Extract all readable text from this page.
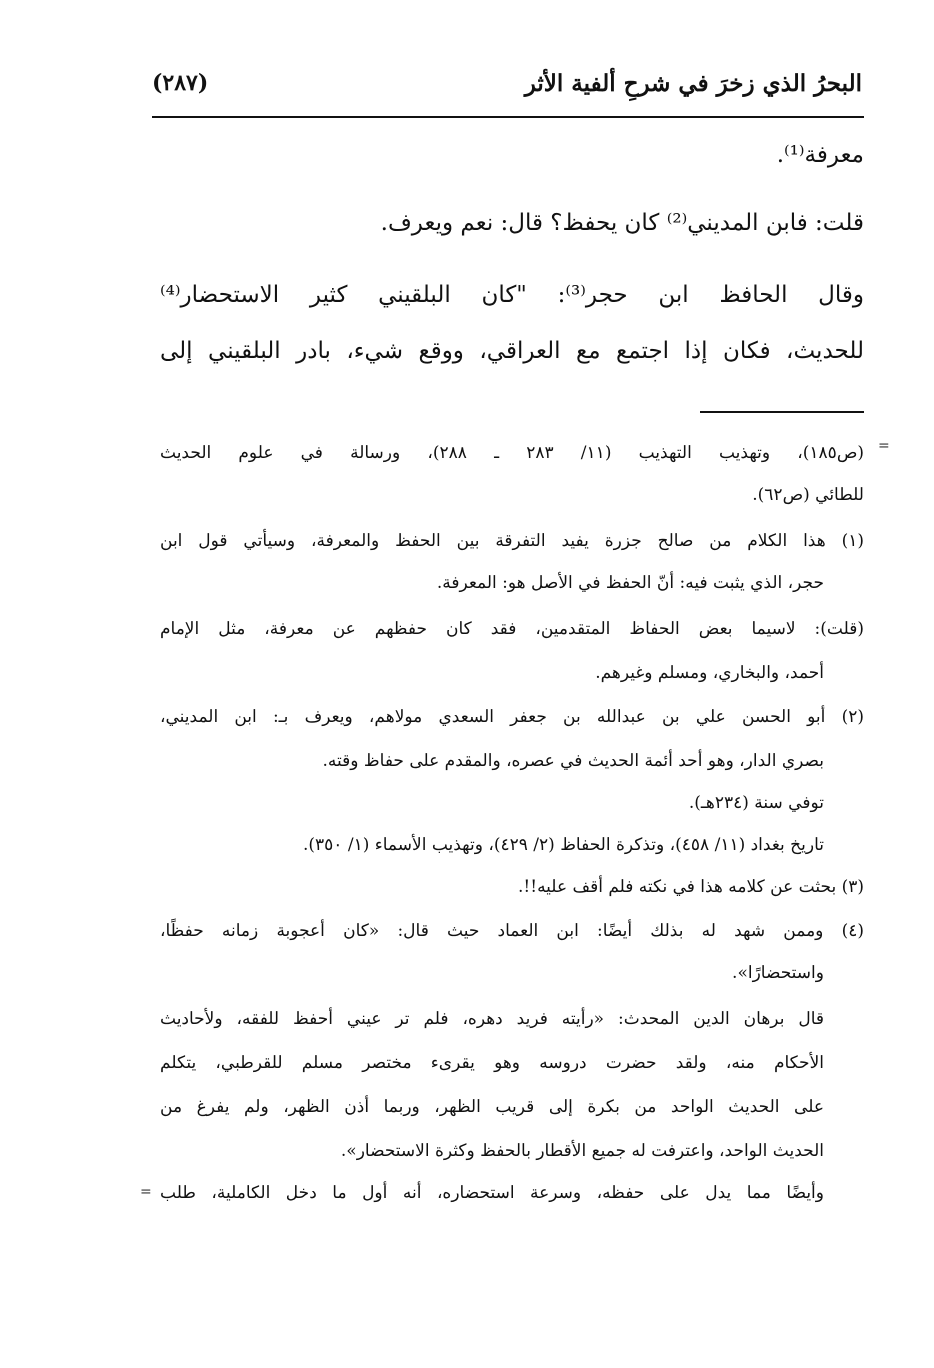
البحرُ الذي زخرَ في شرحِ ألفية الأثر
(٢٨٧)
معرفة⁽¹⁾.
قلت: فابن المديني⁽²⁾ كان يحفظ؟ قال: نعم ويعرف.
وقال الحافظ ابن حجر⁽³⁾: "كان البلقيني كثير الاستحضار⁽⁴⁾
للحديث، فكان إذا اجتمع مع العراقي، ووقع شيء، بادر البلقيني إلى
=
(ص١٨٥)، وتهذيب التهذيب (١١/ ٢٨٣ ـ ٢٨٨)، ورسالة في علوم الحديث
للطائي (ص٦٢).
(١) هذا الكلام من صالح جزرة يفيد التفرقة بين الحفظ والمعرفة، وسيأتي قول ابن
حجر، الذي يثبت فيه: أنّ الحفظ في الأصل هو: المعرفة.
(قلت): لاسيما بعض الحفاظ المتقدمين، فقد كان حفظهم عن معرفة، مثل الإمام
أحمد، والبخاري، ومسلم وغيرهم.
(٢) أبو الحسن علي بن عبدالله بن جعفر السعدي مولاهم، ويعرف بـ: ابن المديني،
بصري الدار، وهو أحد أئمة الحديث في عصره، والمقدم على حفاظ وقته.
توفي سنة (٢٣٤هـ).
تاريخ بغداد (١١/ ٤٥٨)، وتذكرة الحفاظ (٢/ ٤٢٩)، وتهذيب الأسماء (١/ ٣٥٠).
(٣) بحثت عن كلامه هذا في نكته فلم أقف عليه!!.
(٤) وممن شهد له بذلك أيضًا: ابن العماد حيث قال: «كان أعجوبة زمانه حفظًا،
واستحضارًا».
قال برهان الدين المحدث: «رأيته فريد دهره، فلم تر عيني أحفظ للفقه، ولأحاديث
الأحكام منه، ولقد حضرت دروسه وهو يقرىء مختصر مسلم للقرطبي، يتكلم
على الحديث الواحد من بكرة إلى قريب الظهر، وربما أذن الظهر، ولم يفرغ من
الحديث الواحد، واعترفت له جميع الأقطار بالحفظ وكثرة الاستحضار».
وأيضًا مما يدل على حفظه، وسرعة استحضاره، أنه أول ما دخل الكاملية، طلب
=
